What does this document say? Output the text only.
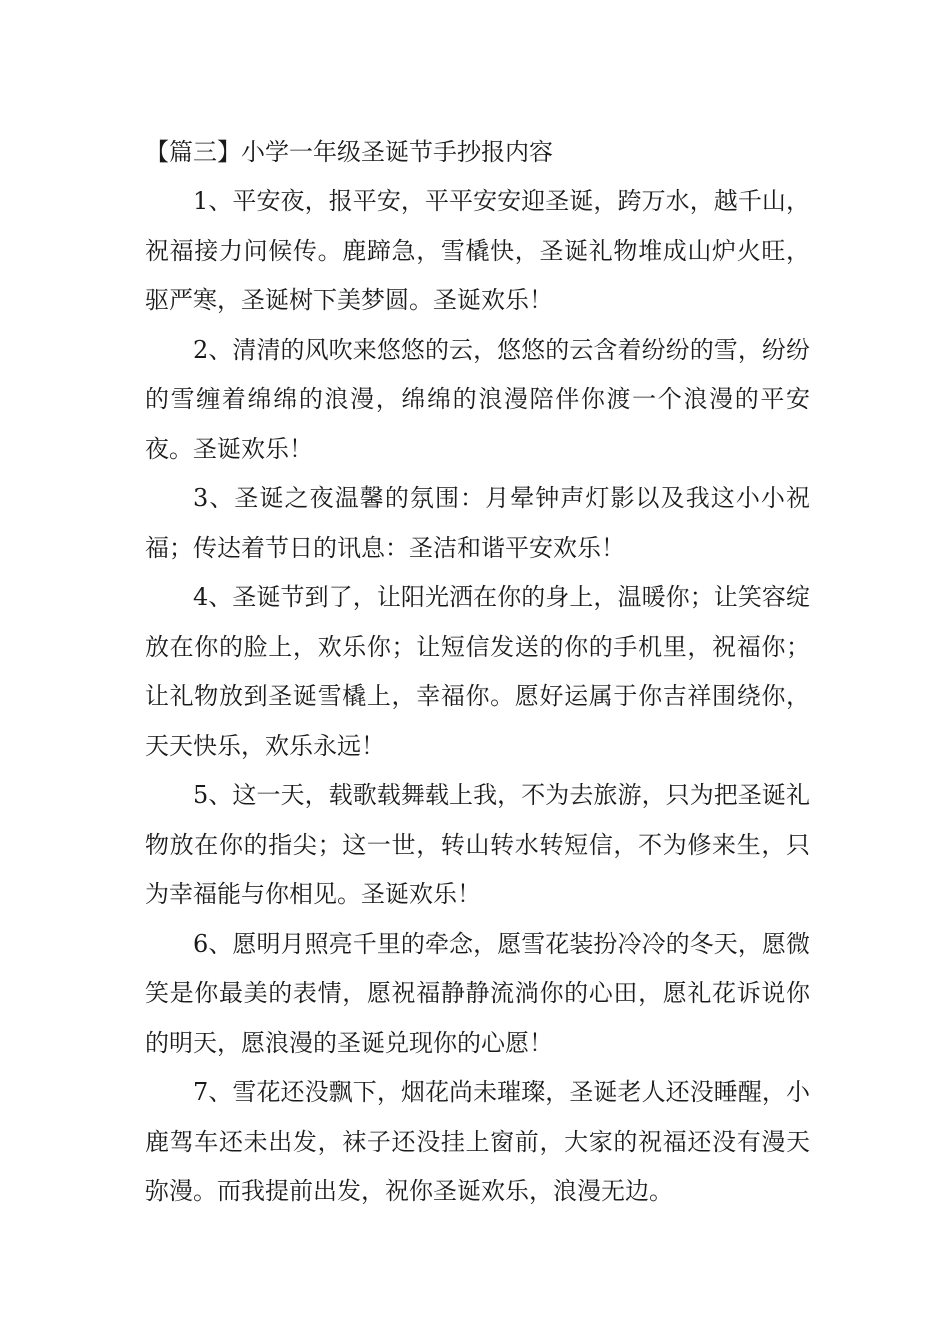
【篇三】小学一年级圣诞节手抄报内容

1、平安夜，报平安，平平安安迎圣诞，跨万水，越千山，祝福接力问候传。鹿蹄急，雪橇快，圣诞礼物堆成山炉火旺，驱严寒，圣诞树下美梦圆。圣诞欢乐！

2、清清的风吹来悠悠的云，悠悠的云含着纷纷的雪，纷纷的雪缠着绵绵的浪漫，绵绵的浪漫陪伴你渡一个浪漫的平安夜。圣诞欢乐！

3、圣诞之夜温馨的氛围：月晕钟声灯影以及我这小小祝福；传达着节日的讯息：圣洁和谐平安欢乐！

4、圣诞节到了，让阳光洒在你的身上，温暖你；让笑容绽放在你的脸上，欢乐你；让短信发送的你的手机里，祝福你；让礼物放到圣诞雪橇上，幸福你。愿好运属于你吉祥围绕你，天天快乐，欢乐永远！

5、这一天，载歌载舞载上我，不为去旅游，只为把圣诞礼物放在你的指尖；这一世，转山转水转短信，不为修来生，只为幸福能与你相见。圣诞欢乐！

6、愿明月照亮千里的牵念，愿雪花装扮冷冷的冬天，愿微笑是你最美的表情，愿祝福静静流淌你的心田，愿礼花诉说你的明天，愿浪漫的圣诞兑现你的心愿！

7、雪花还没飘下，烟花尚未璀璨，圣诞老人还没睡醒，小鹿驾车还未出发，袜子还没挂上窗前，大家的祝福还没有漫天弥漫。而我提前出发，祝你圣诞欢乐，浪漫无边。
